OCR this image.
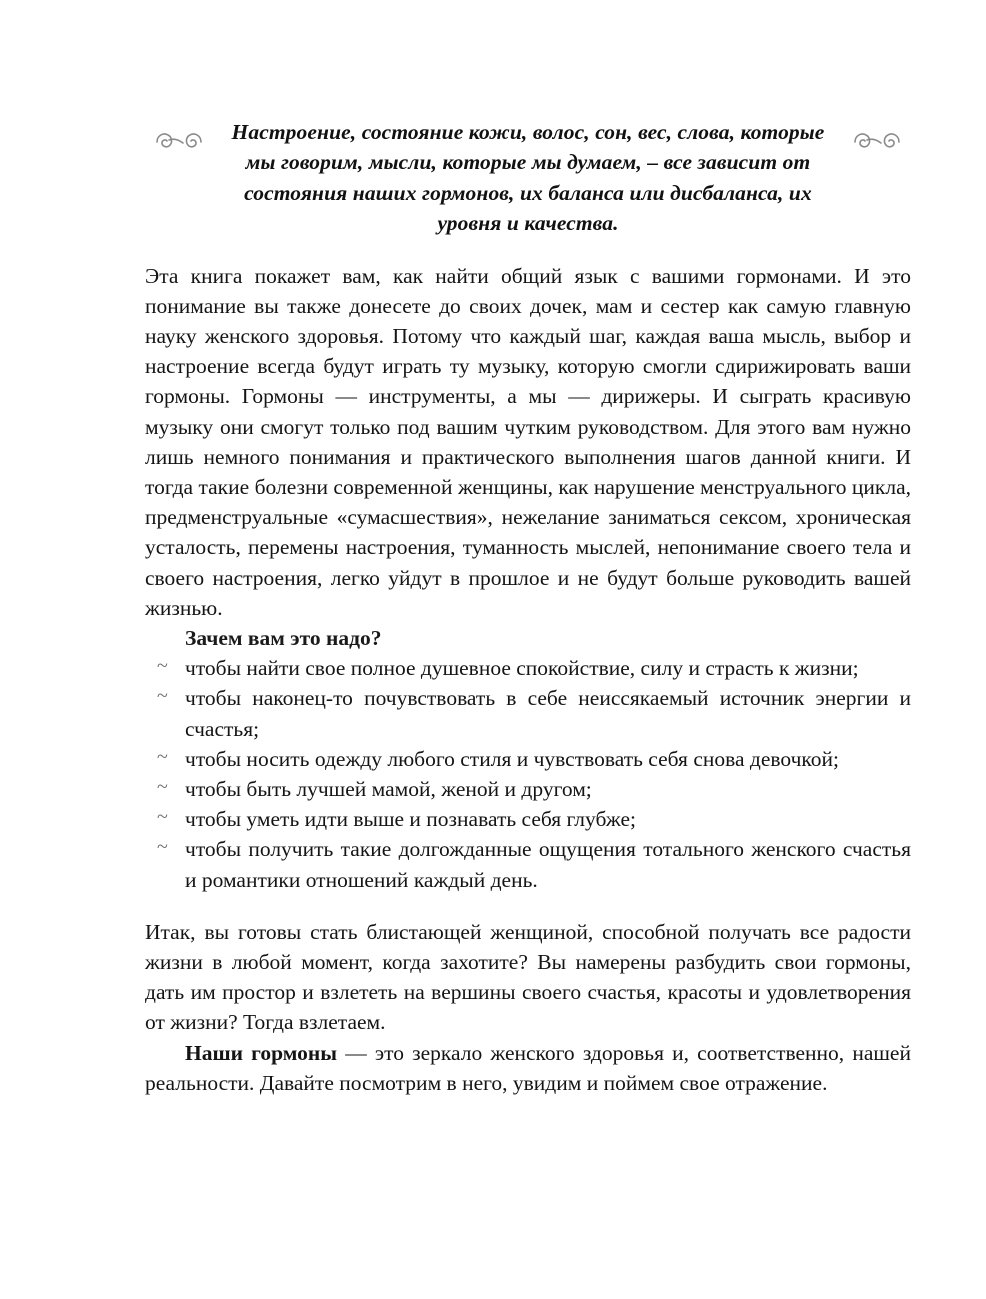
Настроение, состояние кожи, волос, сон, вес, слова, которые мы говорим, мысли, которые мы думаем, – все зависит от состояния наших гормонов, их баланса или дисбаланса, их уровня и качества.

Эта книга покажет вам, как найти общий язык с вашими гормонами. И это понимание вы также донесете до своих дочек, мам и сестер как самую главную науку женского здоровья. Потому что каждый шаг, каждая ваша мысль, выбор и настроение всегда будут играть ту музыку, которую смогли сдирижировать ваши гормоны. Гормоны — инструменты, а мы — дирижеры. И сыграть красивую музыку они смогут только под вашим чутким руководством. Для этого вам нужно лишь немного понимания и практического выполнения шагов данной книги. И тогда такие болезни современной женщины, как нарушение менструального цикла, предменструальные «сумасшествия», нежелание заниматься сексом, хроническая усталость, перемены настроения, туманность мыслей, непонимание своего тела и своего настроения, легко уйдут в прошлое и не будут больше руководить вашей жизнью.

Зачем вам это надо?

~ чтобы найти свое полное душевное спокойствие, силу и страсть к жизни;
~ чтобы наконец-то почувствовать в себе неиссякаемый источник энергии и счастья;
~ чтобы носить одежду любого стиля и чувствовать себя снова девочкой;
~ чтобы быть лучшей мамой, женой и другом;
~ чтобы уметь идти выше и познавать себя глубже;
~ чтобы получить такие долгожданные ощущения тотального женского счастья и романтики отношений каждый день.

Итак, вы готовы стать блистающей женщиной, способной получать все радости жизни в любой момент, когда захотите? Вы намерены разбудить свои гормоны, дать им простор и взлететь на вершины своего счастья, красоты и удовлетворения от жизни? Тогда взлетаем.

Наши гормоны — это зеркало женского здоровья и, соответственно, нашей реальности. Давайте посмотрим в него, увидим и поймем свое отражение.
